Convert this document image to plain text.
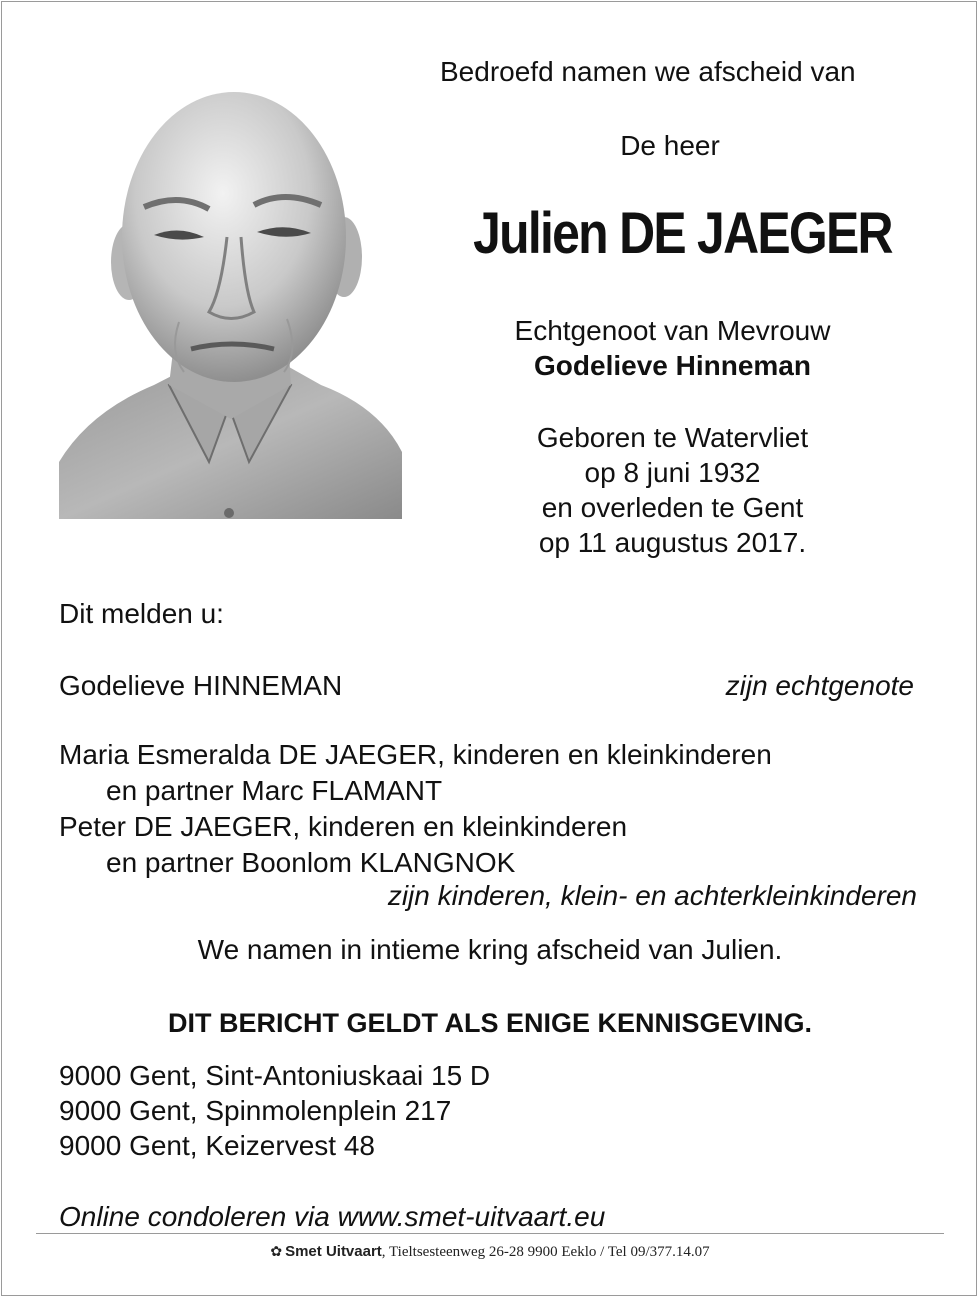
Bedroefd namen we afscheid van
De heer
Julien DE JAEGER
Echtgenoot van Mevrouw
Godelieve Hinneman
Geboren te Watervliet
op 8 juni 1932
en overleden te Gent
op 11 augustus 2017.
Dit melden u:
Godelieve HINNEMAN	zijn echtgenote
Maria Esmeralda DE JAEGER, kinderen en kleinkinderen
en partner Marc FLAMANT
Peter DE JAEGER, kinderen en kleinkinderen
en partner Boonlom KLANGNOK
zijn kinderen, klein- en achterkleinkinderen
We namen in intieme kring afscheid van Julien.
DIT BERICHT GELDT ALS ENIGE KENNISGEVING.
9000 Gent, Sint-Antoniuskaai 15 D
9000 Gent, Spinmolenplein 217
9000 Gent, Keizervest 48
Online condoleren via www.smet-uitvaart.eu
✿ Smet Uitvaart, Tieltsesteenweg 26-28 9900 Eeklo / Tel 09/377.14.07
